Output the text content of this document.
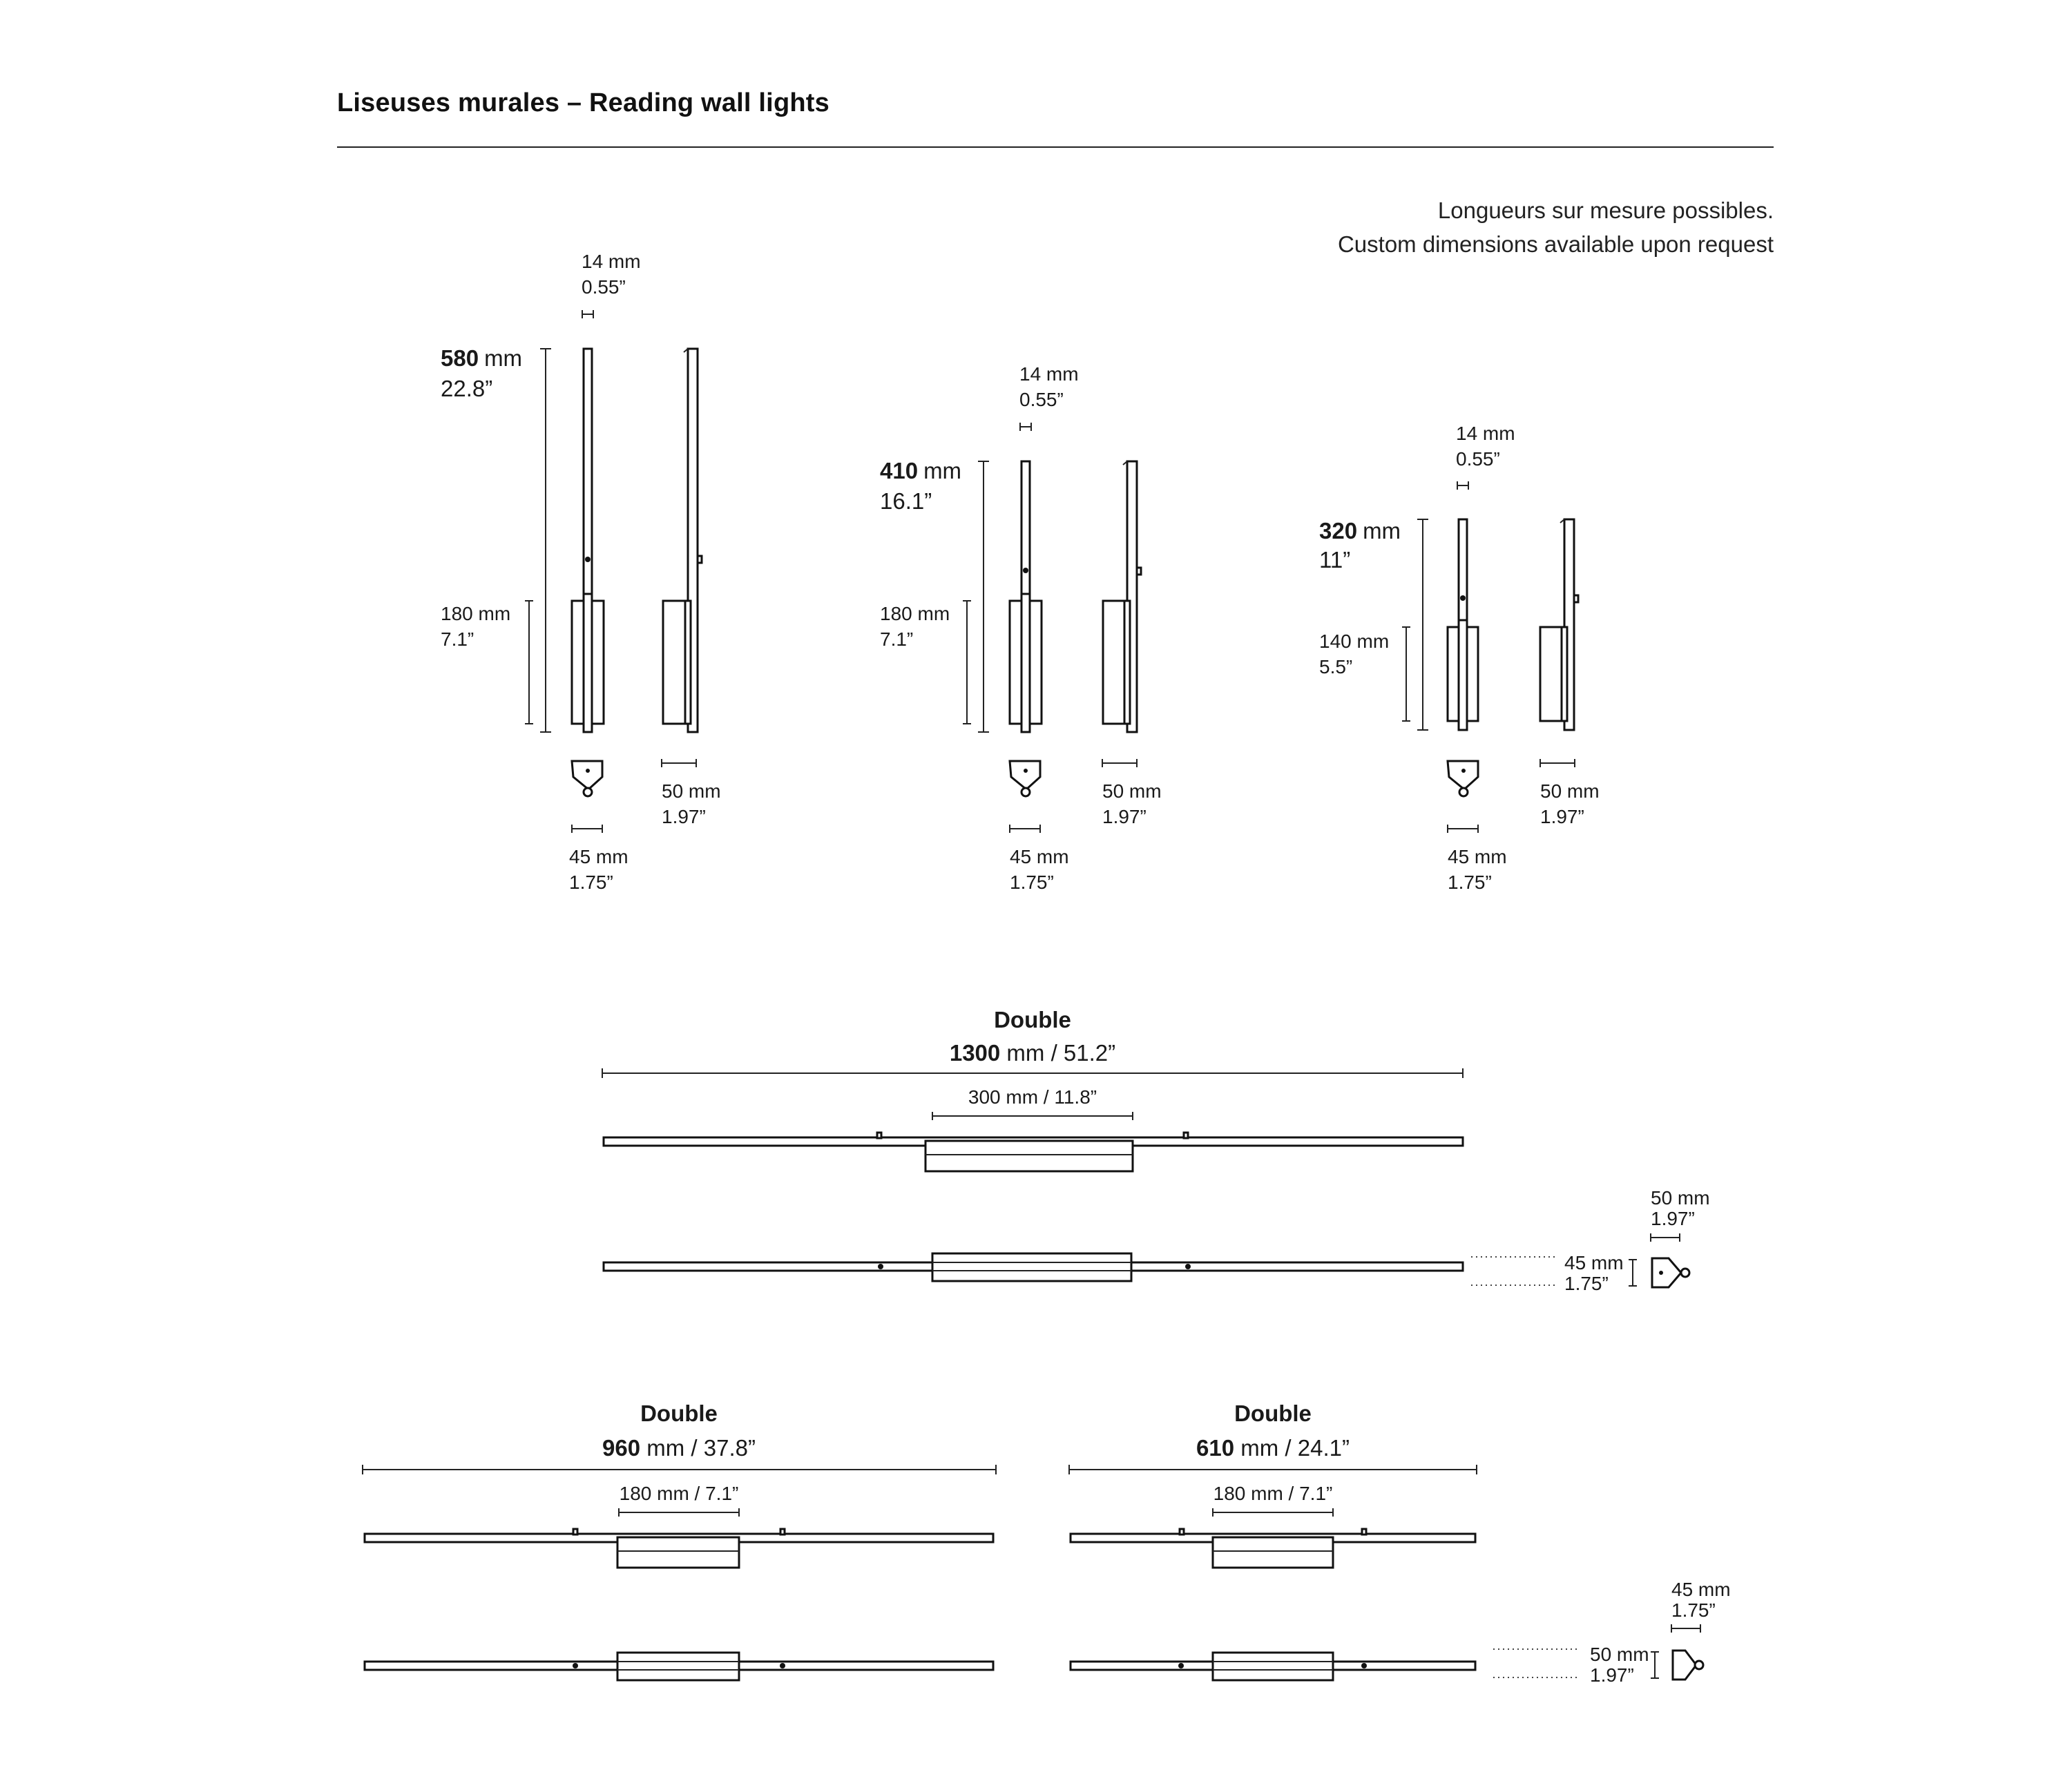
Liseuses murales – Reading wall lights
Longueurs sur mesure possibles.
Custom dimensions available upon request
14 mm
0.55”
580 mm
22.8”
180 mm
7.1”
50 mm
1.97”
45 mm
1.75”
14 mm
0.55”
410 mm
16.1”
180 mm
7.1”
50 mm
1.97”
45 mm
1.75”
14 mm
0.55”
320 mm
11”
140 mm
5.5”
50 mm
1.97”
45 mm
1.75”
Double
1300 mm / 51.2”
300 mm / 11.8”
50 mm
1.97”
45 mm
1.75”
Double
960 mm / 37.8”
180 mm / 7.1”
Double
610 mm / 24.1”
180 mm / 7.1”
45 mm
1.75”
50 mm
1.97”
